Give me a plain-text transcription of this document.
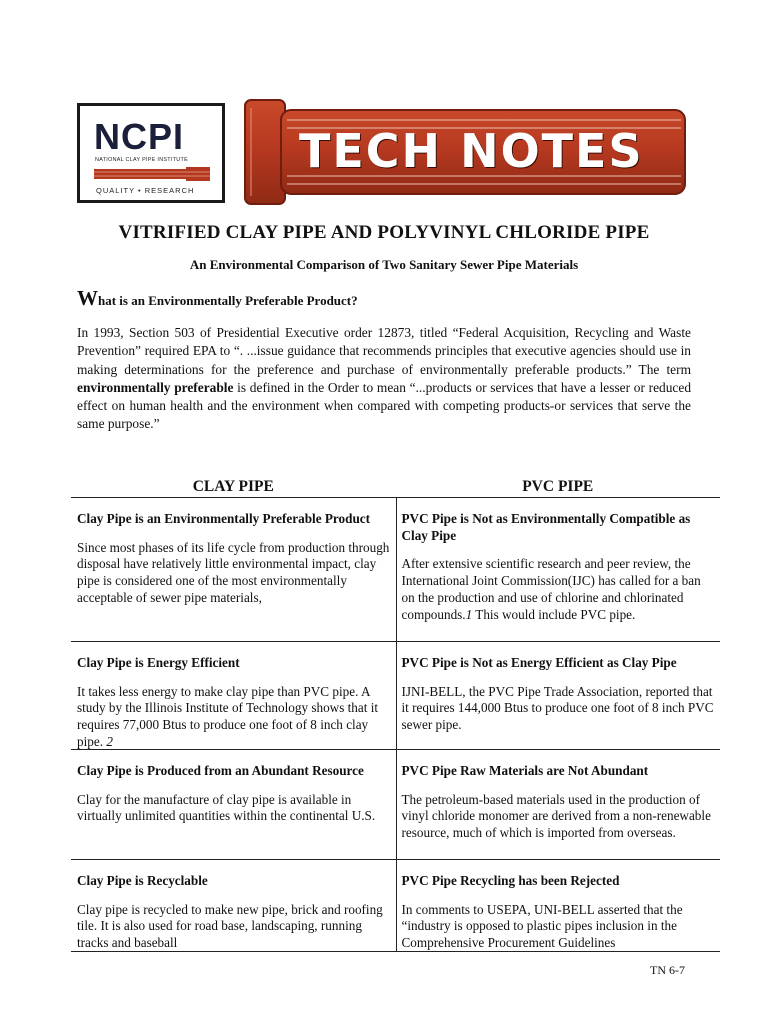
NCPI
NATIONAL CLAY PIPE INSTITUTE
QUALITY • RESEARCH
TECH NOTES
VITRIFIED CLAY PIPE AND POLYVINYL CHLORIDE PIPE
An Environmental Comparison of Two Sanitary Sewer Pipe Materials
What is an Environmentally Preferable Product?
In 1993, Section 503 of Presidential Executive order 12873, titled “Federal Acquisition, Recycling and Waste Prevention” required EPA to “. ...issue guidance that recommends principles that executive agencies should use in making determinations for the preference and purchase of environmentally preferable products.” The term environmentally preferable is defined in the Order to mean “...products or services that have a lesser or reduced effect on human health and the environment when compared with competing products-or services that serve the same purpose.”
CLAY PIPE	PVC PIPE
Clay Pipe is an Environmentally Preferable Product
Since most phases of its life cycle from production through disposal have relatively little environmental impact, clay pipe is considered one of the most environmentally acceptable of sewer pipe materials,
PVC Pipe is Not as Environmentally Compatible as Clay Pipe
After extensive scientific research and peer review, the International Joint Commission(IJC) has called for a ban on the production and use of chlorine and chlorinated compounds.1 This would include PVC pipe.
Clay Pipe is Energy Efficient
It takes less energy to make clay pipe than PVC pipe. A study by the Illinois Institute of Technology shows that it requires 77,000 Btus to produce one foot of 8 inch clay pipe. 2
PVC Pipe is Not as Energy Efficient as Clay Pipe
IJNI-BELL, the PVC Pipe Trade Association, reported that it requires 144,000 Btus to produce one foot of 8 inch PVC sewer pipe.
Clay Pipe is Produced from an Abundant Resource
Clay for the manufacture of clay pipe is available in virtually unlimited quantities within the continental U.S.
PVC Pipe Raw Materials are Not Abundant
The petroleum-based materials used in the production of vinyl chloride monomer are derived from a non-renewable resource, much of which is imported from overseas.
Clay Pipe is Recyclable
Clay pipe is recycled to make new pipe, brick and roofing tile. It is also used for road base, landscaping, running tracks and baseball
PVC Pipe Recycling has been Rejected
In comments to USEPA, UNI-BELL asserted that the “industry is opposed to plastic pipes inclusion in the Comprehensive Procurement Guidelines
TN 6-7
